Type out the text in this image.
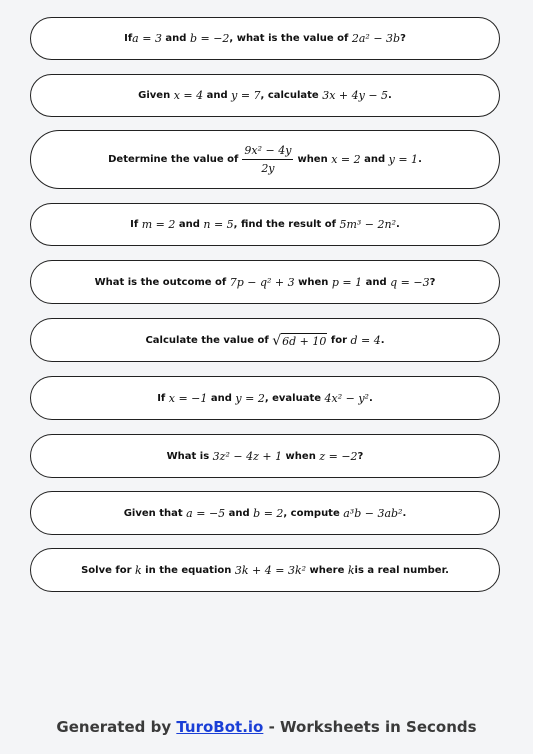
If a = 3 and b = −2 , what is the value of 2a² − 3b ?
Given x = 4 and y = 7 , calculate 3x + 4y − 5 .
Determine the value of $\frac{\text{9x² − 4y}}{2y}$ when
x = 2
and
y = 1 .
If m = 2 and n = 5 , find the result of 5m³ − 2n² .
What is the outcome of 7p − q² + 3 when p = 1 and q = −3 ?
Calculate the value of
√ 6d + 10
for
d = 4 .
If x = −1 and y = 2 , evaluate 4x² − y² .
What is 3z² − 4z + 1 when z = −2 ?
Given that a = −5 and b = 2 , compute a³b − 3ab² .
Solve for k in the equation 3k + 4 = 3k² where k is a real number.
Generated by TuroBot.io - Worksheets in Seconds
